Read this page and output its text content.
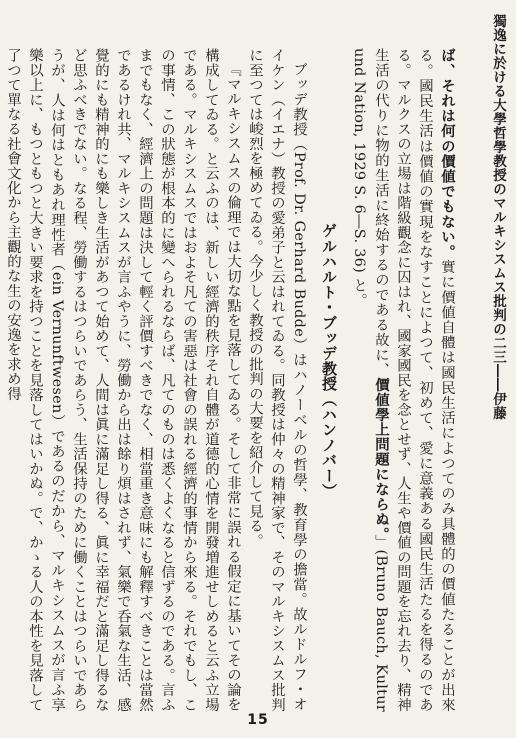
獨逸に於ける大學哲學教授のマルキシスムス批判の二三――伊藤

ば、それは何の價値でもない。實に價値自體は國民生活によつてのみ具體的の價値たることが出來る。國民生活は價値の實現をなすことによつて、初めて、愛に意義ある國民生活たるを得るのである。マルクスの立場は階級觀念に囚はれ、國家國民を念とせず、人生や價値の問題を忘れ去り、精神生活の代りに物的生活に終始するのである故に、價値學上問題にならぬ。」(Bruno Bauch, Kultur und Nation, 1929 S. 6―S. 36) と。

ゲルハルト・ブッデ教授（ハンノバー）

ブッデ教授（Prof. Dr. Gerhard Budde）はハノーベルの哲學、教育學の擔當。故ルドルフ・オイケン（イエナ）教授の愛弟子と云はれてゐる。同教授は仲々の精神家で、そのマルキシスムス批判に至つては峻烈を極めてゐる。今少しく教授の批判の大要を紹介して見る。

『マルキシスムスの倫理では大切な點を見落してゐる。そして非常に誤れる假定に基いてその論を構成してゐる。と云ふのは、新しい經濟的秩序それ自體が道德的心情を開發増進せしめると云ふ立場である。マルキシスムスではおよそ凡ての害惡は社會の誤れる經濟的事情から來る。それでもし、この事情、この狀態が根本的に變へられるならば、凡てのものは悉くよくなると信ずるのである。言ふまでもなく、經濟上の問題は決して輕く評價すべきでなく、相當重き意味にも解釋すべきことは當然であるけれ共、マルキシスムスが言ふやうに、勞働から出は餘り煩はされず、氣樂で呑氣な生活、感覺的にも精神的にも樂しき生活があつて始めて、人間は眞に滿足し得る、眞に幸福だと滿足し得るなど思ふべきでない。なる程、勞働するはつらいであらう、生活保持のために働くことはつらいであらうが、人は何はともあれ理性者（ein Vernunftwesen）であるのだから、マルキシスムスが言ふ享樂以上に、もつともつと大きい要求を持つことを見落してはいかぬ。で、かゝる人の本性を見落して了つて單なる社會文化から主觀的な生の安逸を求め得

15
